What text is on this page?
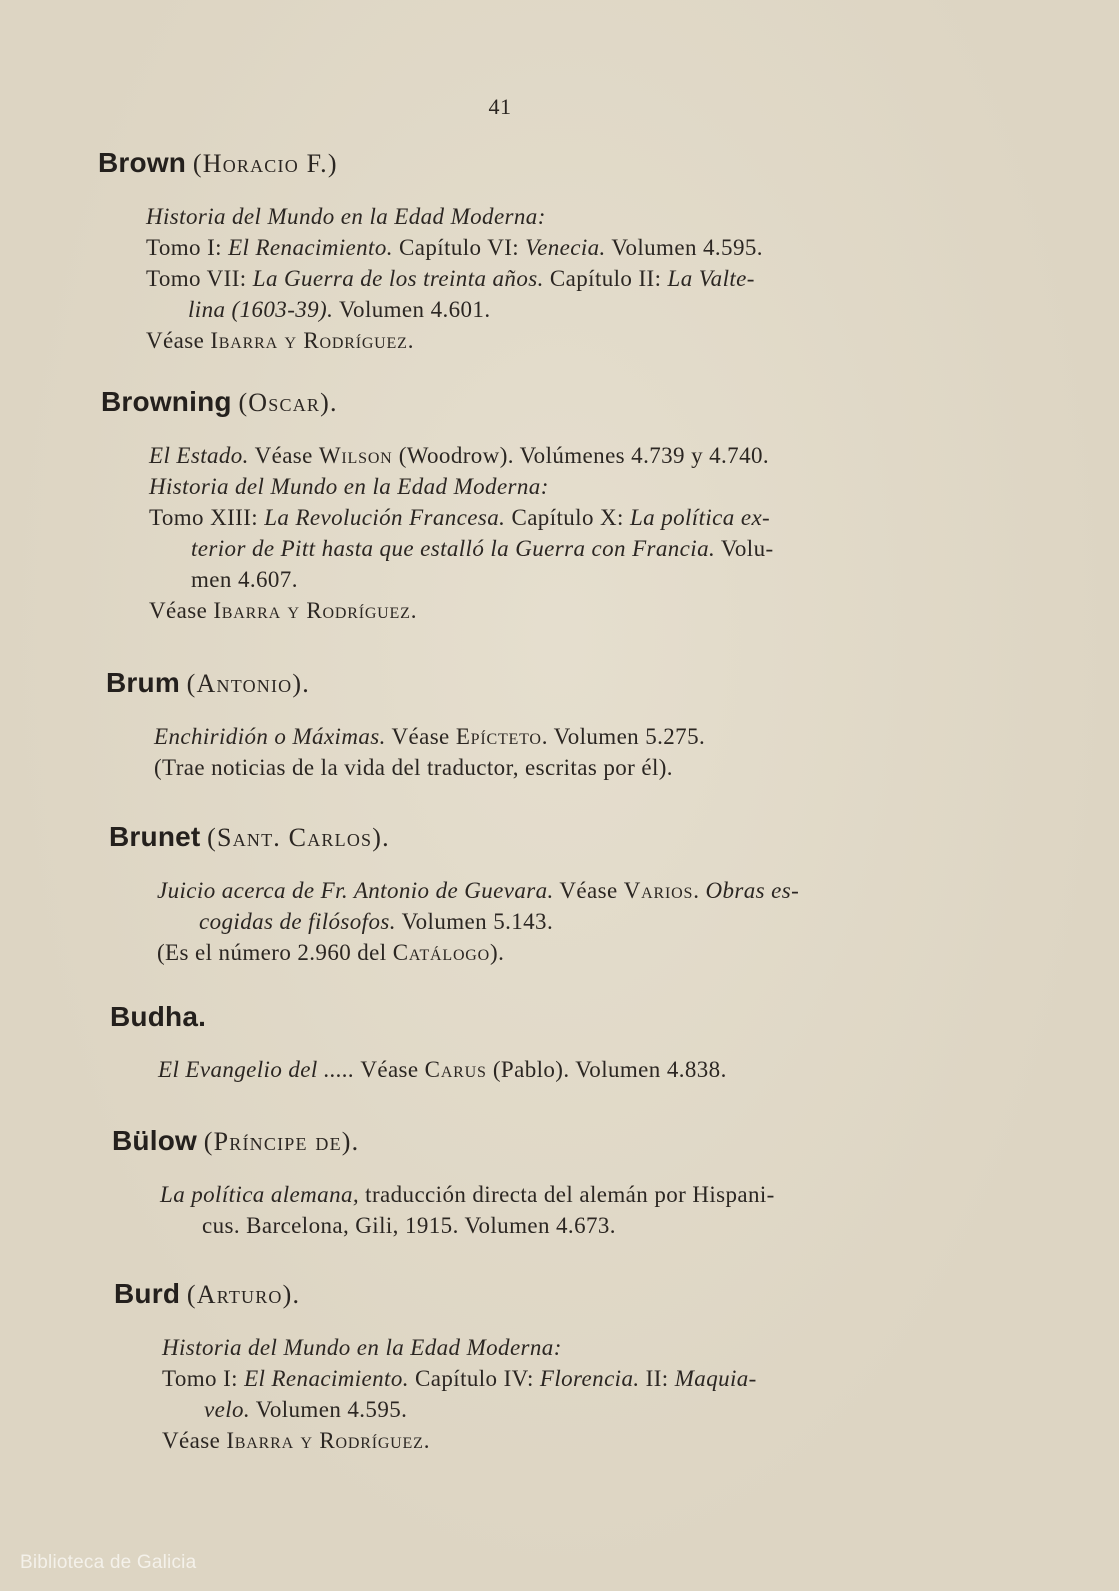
41
Brown (Horacio F.)
Historia del Mundo en la Edad Moderna:
Tomo I: El Renacimiento. Capítulo VI: Venecia. Volumen 4.595.
Tomo VII: La Guerra de los treinta años. Capítulo II: La Valte-
lina (1603-39). Volumen 4.601.
Véase Ibarra y Rodríguez.
Browning (Oscar).
El Estado. Véase Wilson (Woodrow). Volúmenes 4.739 y 4.740.
Historia del Mundo en la Edad Moderna:
Tomo XIII: La Revolución Francesa. Capítulo X: La política ex-
terior de Pitt hasta que estalló la Guerra con Francia. Volu-
men 4.607.
Véase Ibarra y Rodríguez.
Brum (Antonio).
Enchiridión o Máximas. Véase Epícteto. Volumen 5.275.
(Trae noticias de la vida del traductor, escritas por él).
Brunet (Sant. Carlos).
Juicio acerca de Fr. Antonio de Guevara. Véase Varios. Obras es-
cogidas de filósofos. Volumen 5.143.
(Es el número 2.960 del Catálogo).
Budha.
El Evangelio del ..... Véase Carus (Pablo). Volumen 4.838.
Bülow (Príncipe de).
La política alemana, traducción directa del alemán por Hispani-
cus. Barcelona, Gili, 1915. Volumen 4.673.
Burd (Arturo).
Historia del Mundo en la Edad Moderna:
Tomo I: El Renacimiento. Capítulo IV: Florencia. II: Maquia-
velo. Volumen 4.595.
Véase Ibarra y Rodríguez.
Biblioteca de Galicia
